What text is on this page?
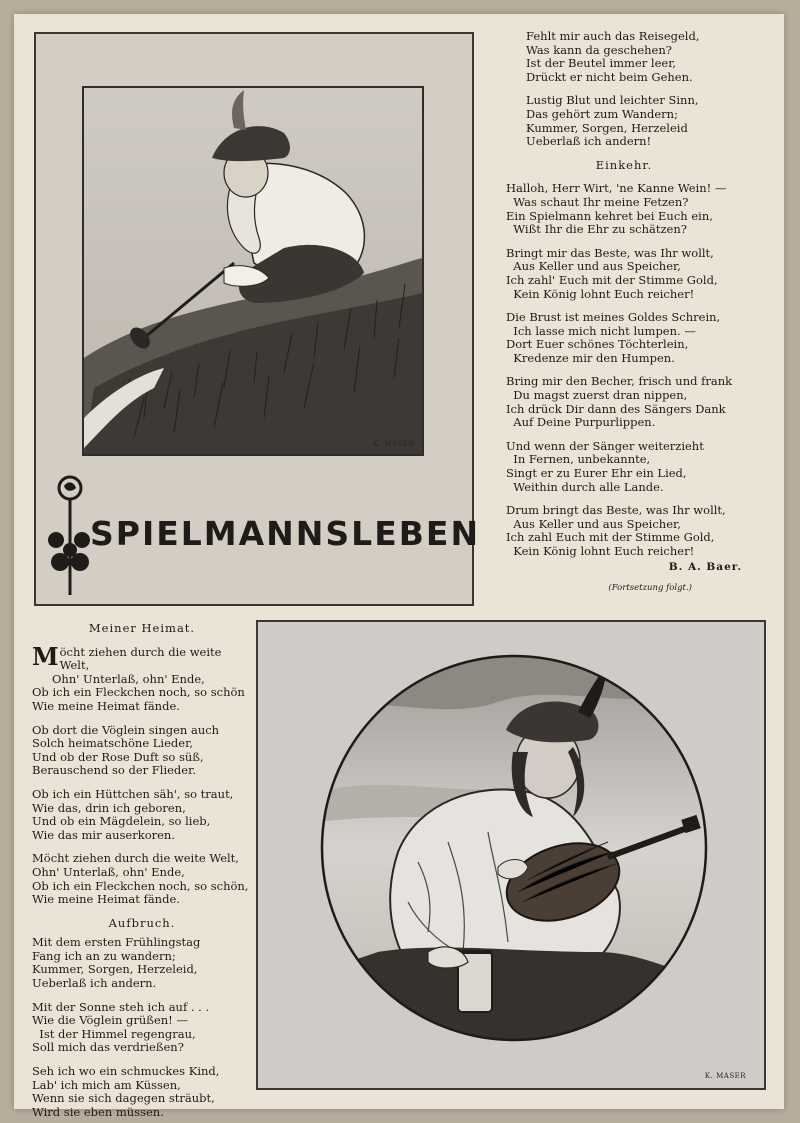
K. MASER
SPIELMANNSLEBEN

Fehlt mir auch das Reisegeld,

Was kann da geschehen?

Ist der Beutel immer leer,

Drückt er nicht beim Gehen.

Lustig Blut und leichter Sinn,

Das gehört zum Wandern;

Kummer, Sorgen, Herzeleid

Ueberlaß ich andern!

Einkehr.

Halloh, Herr Wirt, 'ne Kanne Wein! —

Was schaut Ihr meine Fetzen?

Ein Spielmann kehret bei Euch ein,

Wißt Ihr die Ehr zu schätzen?

Bringt mir das Beste, was Ihr wollt,

Aus Keller und aus Speicher,

Ich zahl' Euch mit der Stimme Gold,

Kein König lohnt Euch reicher!

Die Brust ist meines Goldes Schrein,

Ich lasse mich nicht lumpen. —

Dort Euer schönes Töchterlein,

Kredenze mir den Humpen.

Bring mir den Becher, frisch und frank

Du magst zuerst dran nippen,

Ich drück Dir dann des Sängers Dank

Auf Deine Purpurlippen.

Und wenn der Sänger weiterzieht

In Fernen, unbekannte,

Singt er zu Eurer Ehr ein Lied,

Weithin durch alle Lande.

Drum bringt das Beste, was Ihr wollt,

Aus Keller und aus Speicher,

Ich zahl Euch mit der Stimme Gold,

Kein König lohnt Euch reicher!

B. A. Baer.
(Fortsetzung folgt.)
Meiner Heimat.

Möcht ziehen durch die weite Welt,

Ohn' Unterlaß, ohn' Ende,

Ob ich ein Fleckchen noch, so schön

Wie meine Heimat fände.

Ob dort die Vöglein singen auch

Solch heimatschöne Lieder,

Und ob der Rose Duft so süß,

Berauschend so der Flieder.

Ob ich ein Hüttchen säh', so traut,

Wie das, drin ich geboren,

Und ob ein Mägdelein, so lieb,

Wie das mir auserkoren.

Möcht ziehen durch die weite Welt,

Ohn' Unterlaß, ohn' Ende,

Ob ich ein Fleckchen noch, so schön,

Wie meine Heimat fände.

Aufbruch.

Mit dem ersten Frühlingstag

Fang ich an zu wandern;

Kummer, Sorgen, Herzeleid,

Ueberlaß ich andern.

Mit der Sonne steh ich auf . . .

Wie die Vöglein grüßen! —

Ist der Himmel regengrau,

Soll mich das verdrießen?

Seh ich wo ein schmuckes Kind,

Lab' ich mich am Küssen,

Wenn sie sich dagegen sträubt,

Wird sie eben müssen.

K. MASER
